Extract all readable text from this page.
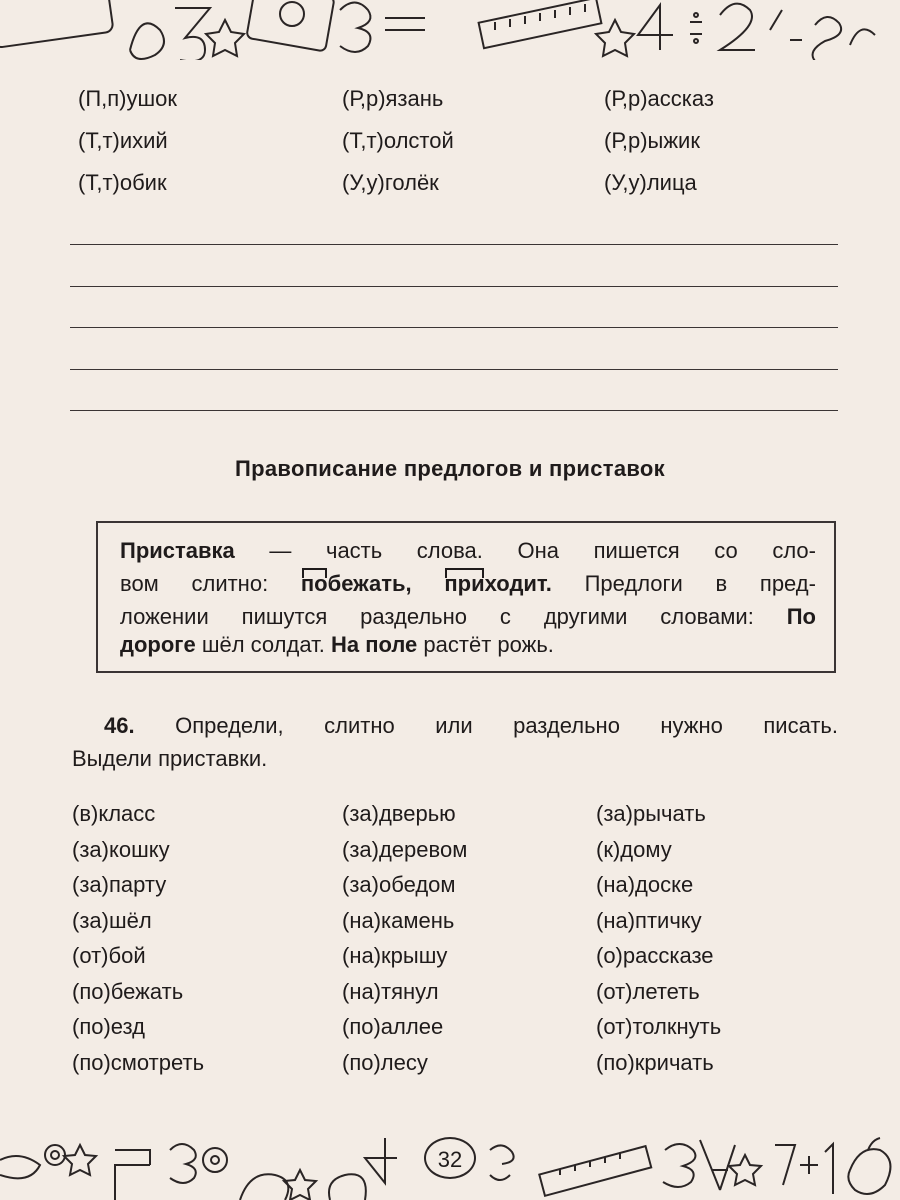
(П,п)ушок	(Р,р)язань	(Р,р)ассказ
(Т,т)ихий	(Т,т)олстой	(Р,р)ыжик
(Т,т)обик	(У,у)голёк	(У,у)лица
Правописание предлогов и приставок
Приставка — часть слова. Она пишется со сло-
вом слитно: побежать, приходит. Предлоги в пред-
ложении пишутся раздельно с другими словами: По
дороге шёл солдат. На поле растёт рожь.
46. Определи, слитно или раздельно нужно писать.
Выдели приставки.
(в)класс	(за)дверью	(за)рычать
(за)кошку	(за)деревом	(к)дому
(за)парту	(за)обедом	(на)доске
(за)шёл	(на)камень	(на)птичку
(от)бой	(на)крышу	(о)рассказе
(по)бежать	(на)тянул	(от)лететь
(по)езд	(по)аллее	(от)толкнуть
(по)смотреть	(по)лесу	(по)кричать
32
